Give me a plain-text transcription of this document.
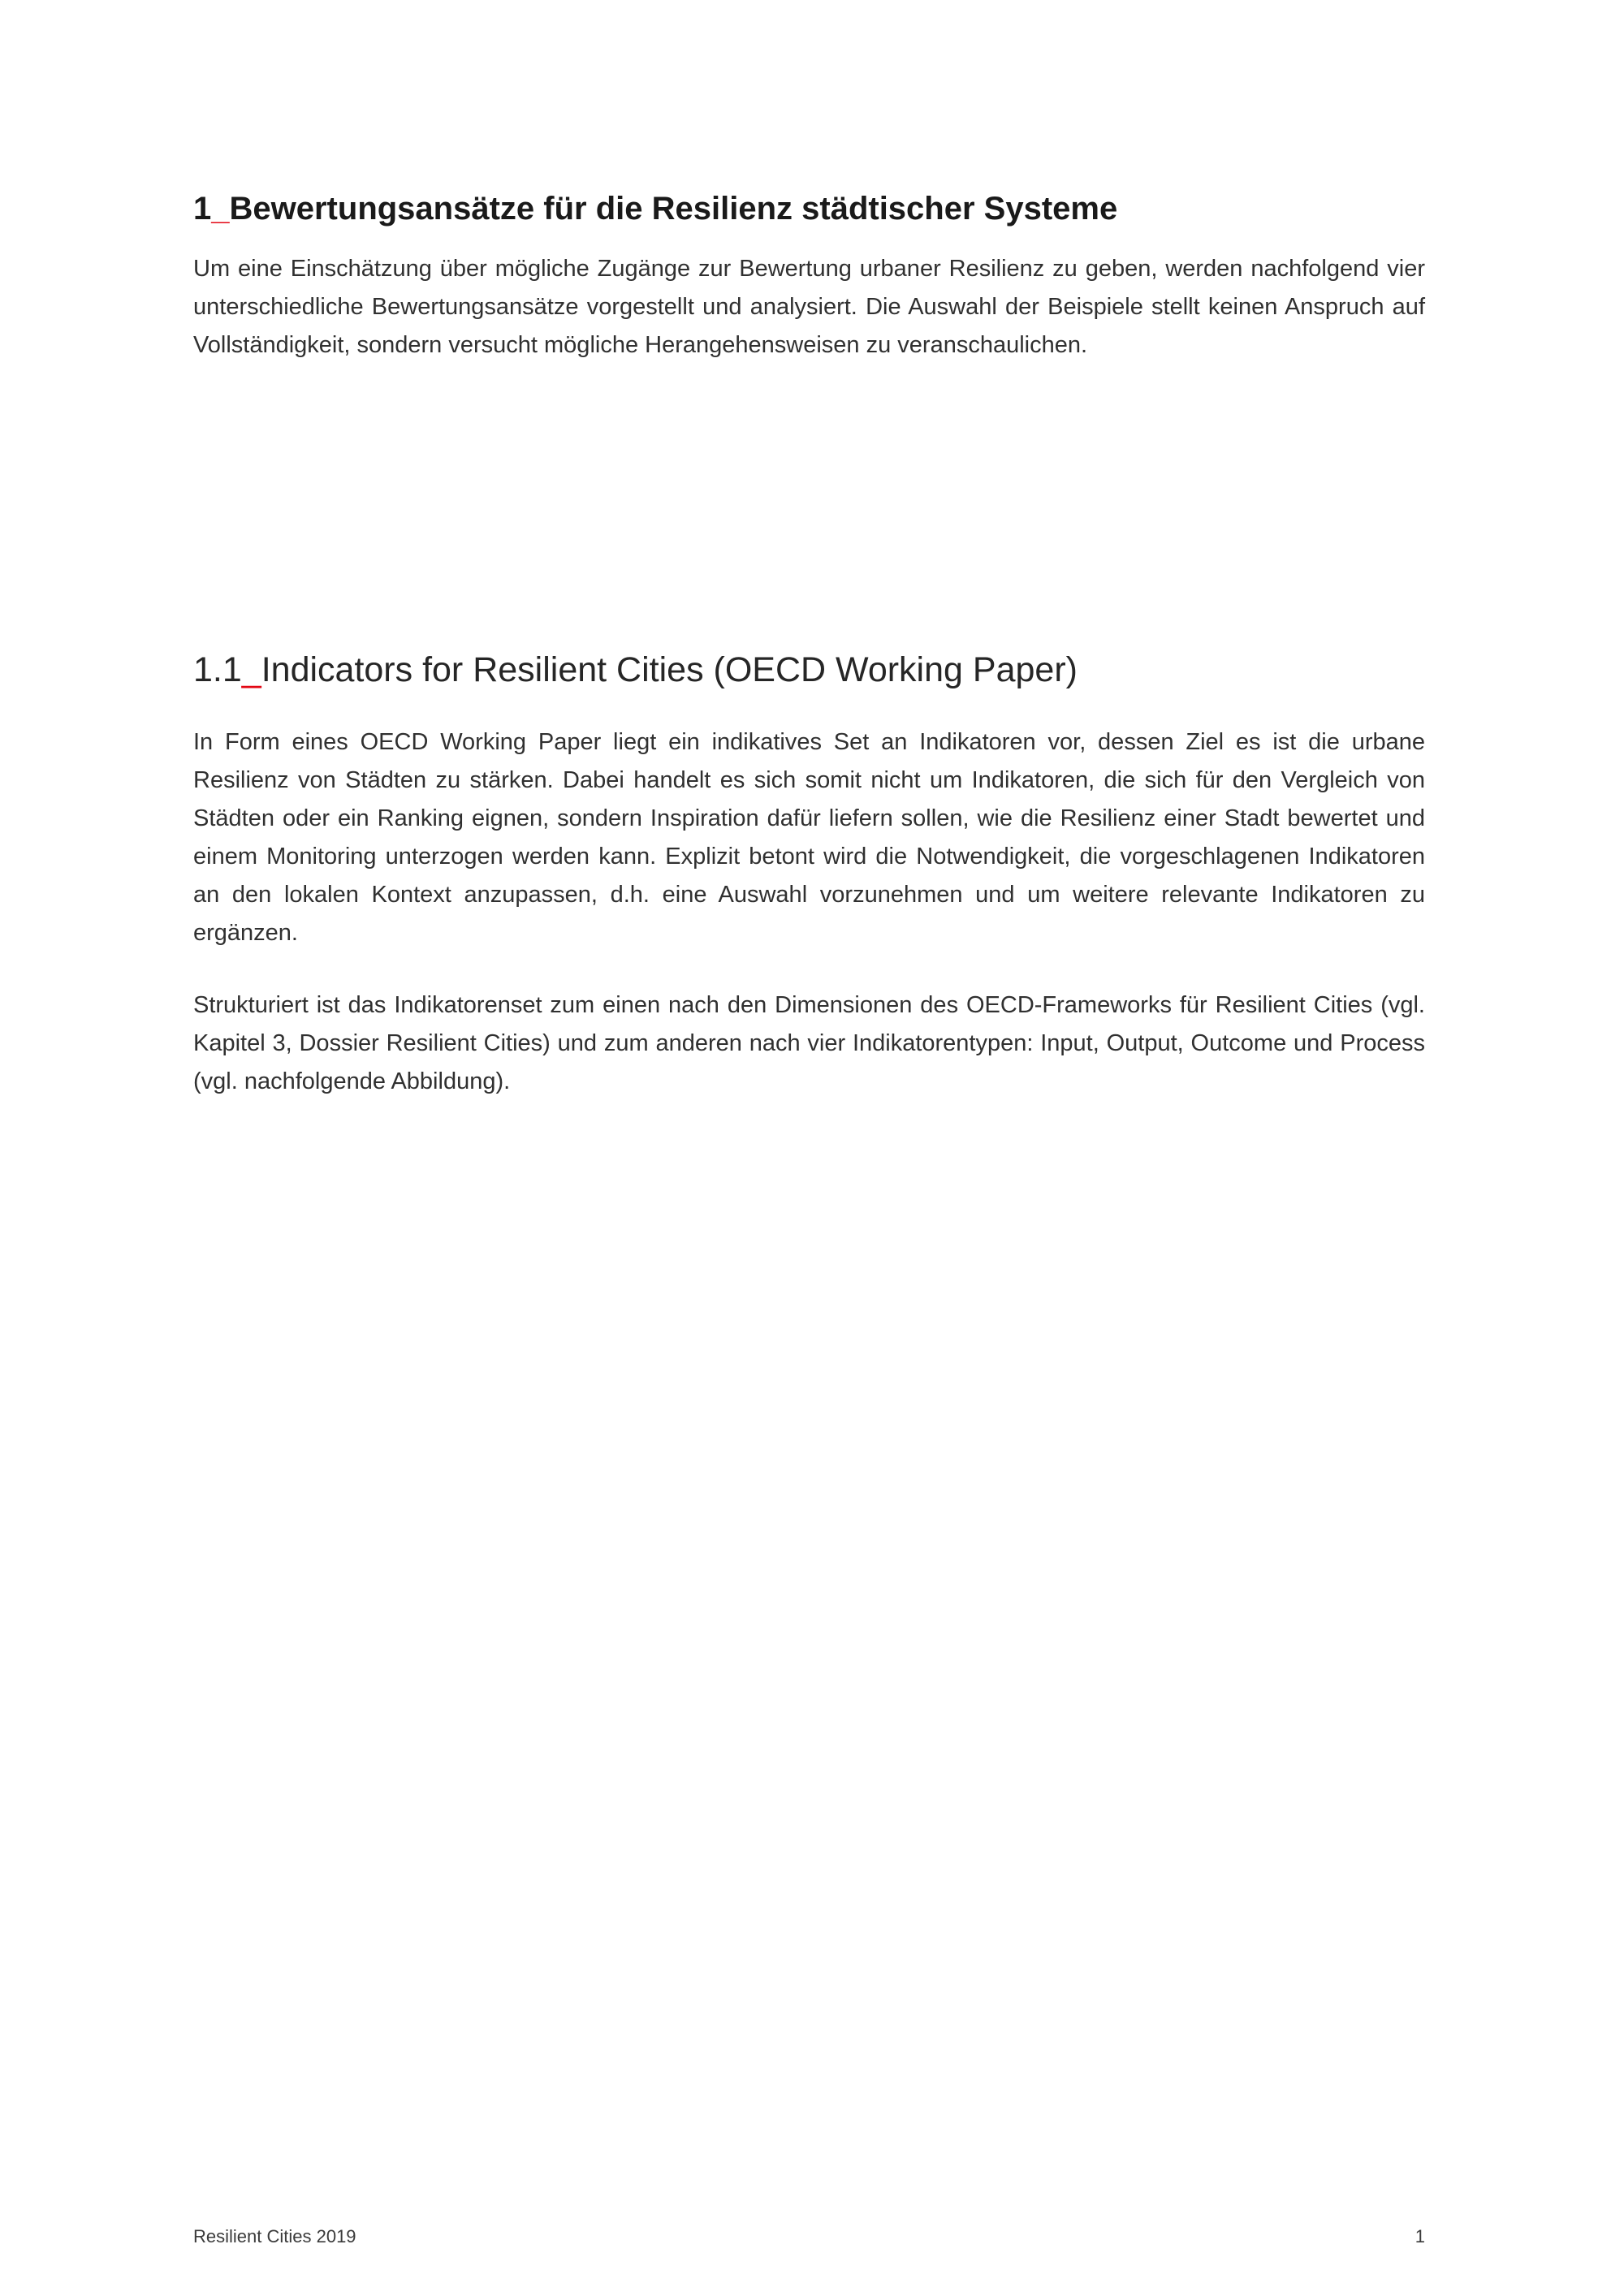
1_Bewertungsansätze für die Resilienz städtischer Systeme

Um eine Einschätzung über mögliche Zugänge zur Bewertung urbaner Resilienz zu geben, werden nachfolgend vier unterschiedliche Bewertungsansätze vorgestellt und analysiert. Die Auswahl der Beispiele stellt keinen Anspruch auf Vollständigkeit, sondern versucht mögliche Herangehensweisen zu veranschaulichen.

1.1_Indicators for Resilient Cities (OECD Working Paper)

In Form eines OECD Working Paper liegt ein indikatives Set an Indikatoren vor, dessen Ziel es ist die urbane Resilienz von Städten zu stärken. Dabei handelt es sich somit nicht um Indikatoren, die sich für den Vergleich von Städten oder ein Ranking eignen, sondern Inspiration dafür liefern sollen, wie die Resilienz einer Stadt bewertet und einem Monitoring unterzogen werden kann. Explizit betont wird die Notwendigkeit, die vorgeschlagenen Indikatoren an den lokalen Kontext anzupassen, d.h. eine Auswahl vorzunehmen und um weitere relevante Indikatoren zu ergänzen.

Strukturiert ist das Indikatorenset zum einen nach den Dimensionen des OECD-Frameworks für Resilient Cities (vgl. Kapitel 3, Dossier Resilient Cities) und zum anderen nach vier Indikatorentypen: Input, Output, Outcome und Process (vgl. nachfolgende Abbildung).

Resilient Cities 2019	1
